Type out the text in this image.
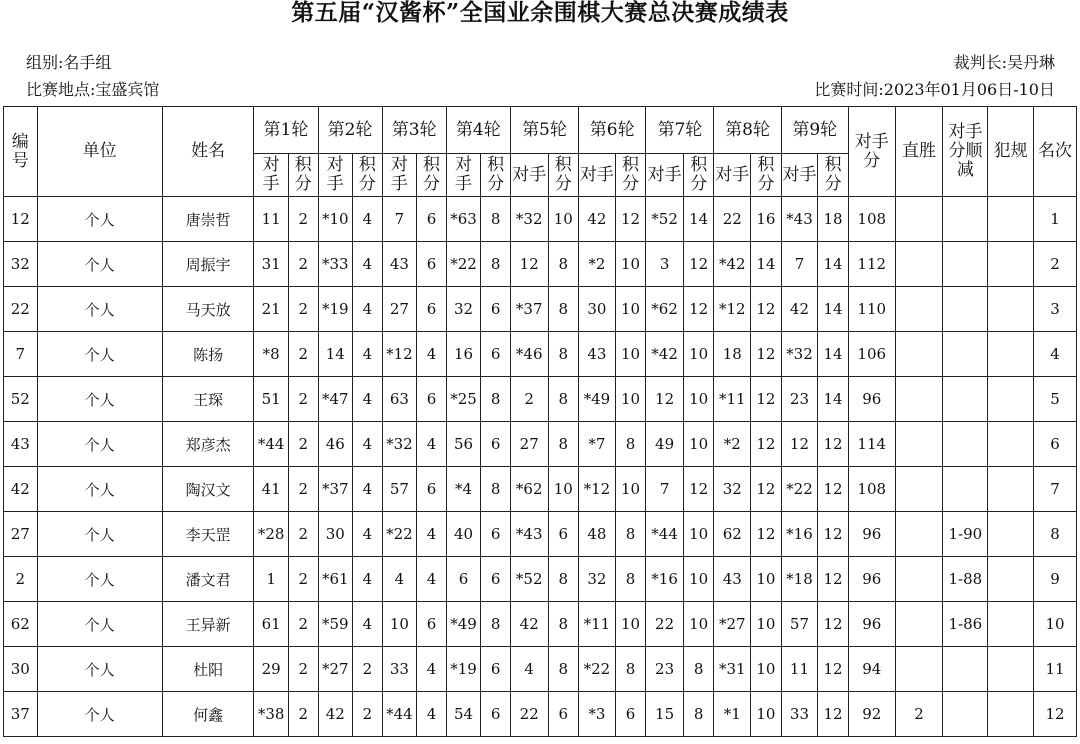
第五届“汉酱杯”全国业余围棋大赛总决赛成绩表
组别:名手组	裁判长:吴丹琳
比赛地点:宝盛宾馆	比赛时间:2023年01月06日-10日
编号	单位	姓名	第1轮		第2轮		第3轮		第4轮		第5轮		第6轮		第7轮		第8轮		第9轮		对手分	直胜	对手分顺减	犯规	名次
			对手	积分	对手	积分	对手	积分	对手	积分	对手	积分	对手	积分	对手	积分	对手	积分	对手	积分					
12	个人	唐崇哲	11	2	*10	4	7	6	*63	8	*32	10	42	12	*52	14	22	16	*43	18	108				1
32	个人	周振宇	31	2	*33	4	43	6	*22	8	12	8	*2	10	3	12	*42	14	7	14	112				2
22	个人	马天放	21	2	*19	4	27	6	32	6	*37	8	30	10	*62	12	*12	12	42	14	110				3
7	个人	陈扬	*8	2	14	4	*12	4	16	6	*46	8	43	10	*42	10	18	12	*32	14	106				4
52	个人	王琛	51	2	*47	4	63	6	*25	8	2	8	*49	10	12	10	*11	12	23	14	96				5
43	个人	郑彦杰	*44	2	46	4	*32	4	56	6	27	8	*7	8	49	10	*2	12	12	12	114				6
42	个人	陶汉文	41	2	*37	4	57	6	*4	8	*62	10	*12	10	7	12	32	12	*22	12	108				7
27	个人	李天罡	*28	2	30	4	*22	4	40	6	*43	6	48	8	*44	10	62	12	*16	12	96		1-90		8
2	个人	潘文君	1	2	*61	4	4	4	6	6	*52	8	32	8	*16	10	43	10	*18	12	96		1-88		9
62	个人	王异新	61	2	*59	4	10	6	*49	8	42	8	*11	10	22	10	*27	10	57	12	96		1-86		10
30	个人	杜阳	29	2	*27	2	33	4	*19	6	4	8	*22	8	23	8	*31	10	11	12	94				11
37	个人	何鑫	*38	2	42	2	*44	4	54	6	22	6	*3	6	15	8	*1	10	33	12	92	2			12
